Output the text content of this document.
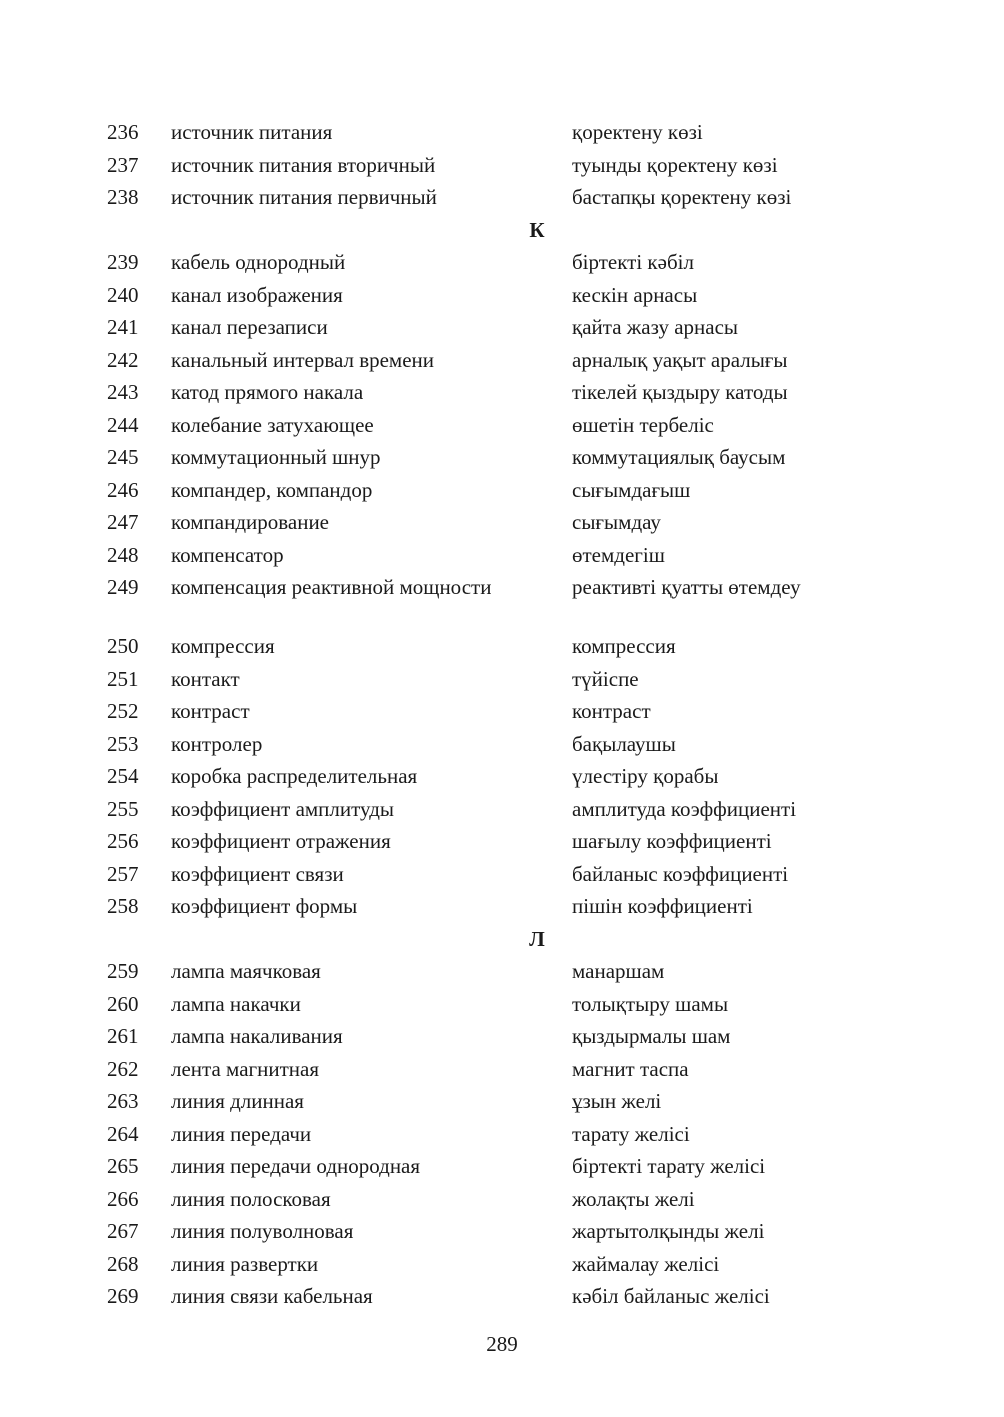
236 источник питания	қоректену көзі
237 источник питания вторичный	туынды қоректену көзі
238 источник питания первичный	бастапқы қоректену көзі
К
239 кабель однородный	біртекті кәбіл
240 канал изображения	кескін арнасы
241 канал перезаписи	қайта жазу арнасы
242 канальный интервал времени	арналық уақыт аралығы
243 катод прямого накала	тікелей қыздыру катоды
244 колебание затухающее	өшетін тербеліс
245 коммутационный шнур	коммутациялық баусым
246 компандер, компандор	сығымдағыш
247 компандирование	сығымдау
248 компенсатор	өтемдегіш
249 компенсация реактивной мощности	реактивті қуатты өтемдеу
250 компрессия	компрессия
251 контакт	түйіспе
252 контраст	контраст
253 контролер	бақылаушы
254 коробка распределительная	үлестіру қорабы
255 коэффициент амплитуды	амплитуда коэффициенті
256 коэффициент отражения	шағылу коэффициенті
257 коэффициент связи	байланыс коэффициенті
258 коэффициент формы	пішін коэффициенті
Л
259 лампа маячковая	манаршам
260 лампа накачки	толықтыру шамы
261 лампа накаливания	қыздырмалы шам
262 лента магнитная	магнит таспа
263 линия длинная	ұзын желі
264 линия передачи	тарату желісі
265 линия передачи однородная	біртекті тарату желісі
266 линия полосковая	жолақты желі
267 линия полуволновая	жартытолқынды желі
268 линия развертки	жаймалау желісі
269 линия связи кабельная	кәбіл байланыс желісі
289
